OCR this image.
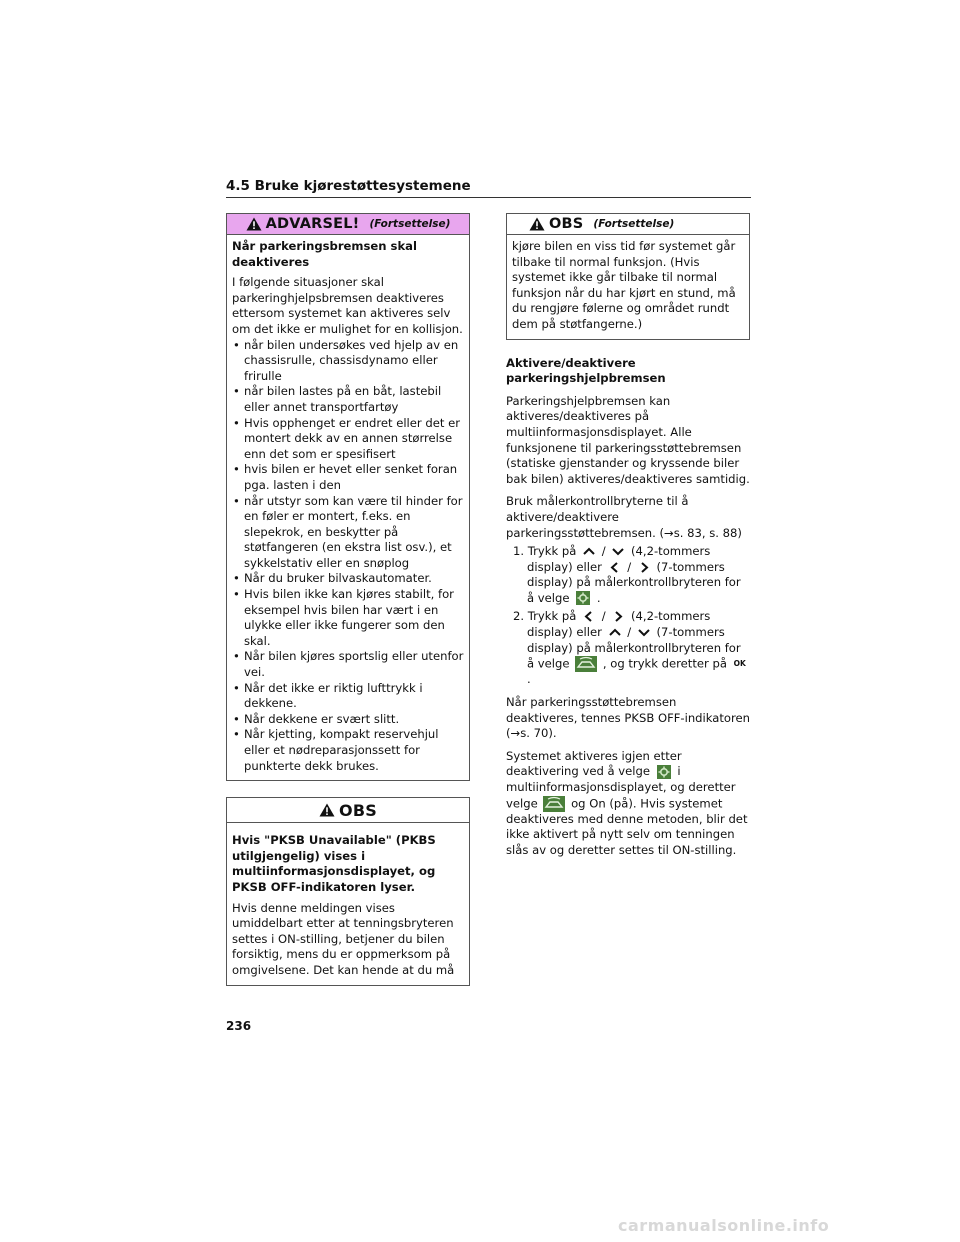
4.5 Bruke kjørestøttesystemene
ADVARSEL! (Fortsettelse)

Når parkeringsbremsen skal deaktiveres

I følgende situasjoner skal parkeringhjelpsbremsen deaktiveres ettersom systemet kan aktiveres selv om det ikke er mulighet for en kollisjon.

• når bilen undersøkes ved hjelp av en chassisrulle, chassisdynamo eller frirulle
• når bilen lastes på en båt, lastebil eller annet transportfartøy
• Hvis opphenget er endret eller det er montert dekk av en annen størrelse enn det som er spesifisert
• hvis bilen er hevet eller senket foran pga. lasten i den
• når utstyr som kan være til hinder for en føler er montert, f.eks. en slepekrok, en beskytter på støtfangeren (en ekstra list osv.), et sykkelstativ eller en snøplog
• Når du bruker bilvaskautomater.
• Hvis bilen ikke kan kjøres stabilt, for eksempel hvis bilen har vært i en ulykke eller ikke fungerer som den skal.
• Når bilen kjøres sportslig eller utenfor vei.
• Når det ikke er riktig lufttrykk i dekkene.
• Når dekkene er svært slitt.
• Når kjetting, kompakt reservehjul eller et nødreparasjonssett for punkterte dekk brukes.
OBS

Hvis "PKSB Unavailable" (PKBS utilgjengelig) vises i multiinformasjonsdisplayet, og PKSB OFF-indikatoren lyser.

Hvis denne meldingen vises umiddelbart etter at tenningsbryteren settes i ON-stilling, betjener du bilen forsiktig, mens du er oppmerksom på omgivelsene. Det kan hende at du må

OBS (Fortsettelse)

kjøre bilen en viss tid før systemet går tilbake til normal funksjon. (Hvis systemet ikke går tilbake til normal funksjon når du har kjørt en stund, må du rengjøre følerne og området rundt dem på støtfangerne.)

Aktivere/deaktivere parkeringshjelpbremsen

Parkeringshjelpbremsen kan aktiveres/deaktiveres på multiinformasjonsdisplayet. Alle funksjonene til parkeringsstøttebremsen (statiske gjenstander og kryssende biler bak bilen) aktiveres/deaktiveres samtidig.

Bruk målerkontrollbryterne til å aktivere/deaktivere parkeringsstøttebremsen. (→s. 83, s. 88)

1. Trykk på / (4,2-tommers display) eller / (7-tommers display) på målerkontrollbryteren for å velge .
2. Trykk på / (4,2-tommers display) eller / (7-tommers display) på målerkontrollbryteren for å velge	, og trykk deretter på OK .

Når parkeringsstøttebremsen deaktiveres, tennes PKSB OFF-indikatoren (→s. 70).

Systemet aktiveres igjen etter deaktivering ved å velge i multiinformasjonsdisplayet, og deretter velge	og On (på). Hvis systemet deaktiveres med denne metoden, blir det ikke aktivert på nytt selv om tenningen slås av og deretter settes til ON-stilling.

236
carmanualsonline.info
